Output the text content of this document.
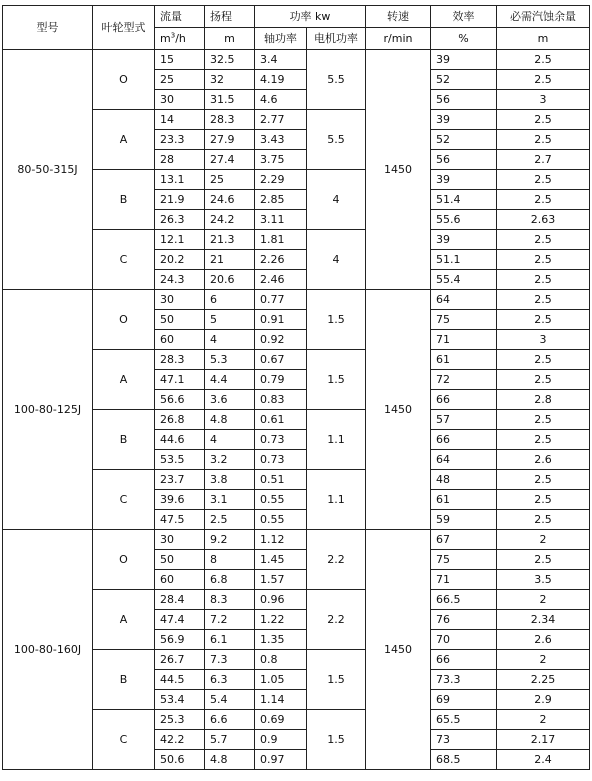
型号	叶轮型式	流量	扬程	功率 kw		转速	效率	必需汽蚀余量
		$m^3/h$	m	轴功率	电机功率	r/min	%	m
80-50-315J	O	15	32.5	3.4	5.5	1450	39	2.5
		25	32	4.19			52	2.5
		30	31.5	4.6			56	3
	A	14	28.3	2.77	5.5		39	2.5
		23.3	27.9	3.43			52	2.5
		28	27.4	3.75			56	2.7
	B	13.1	25	2.29	4		39	2.5
		21.9	24.6	2.85			51.4	2.5
		26.3	24.2	3.11			55.6	2.63
	C	12.1	21.3	1.81	4		39	2.5
		20.2	21	2.26			51.1	2.5
		24.3	20.6	2.46			55.4	2.5
100-80-125J	O	30	6	0.77	1.5	1450	64	2.5
		50	5	0.91			75	2.5
		60	4	0.92			71	3
	A	28.3	5.3	0.67	1.5		61	2.5
		47.1	4.4	0.79			72	2.5
		56.6	3.6	0.83			66	2.8
	B	26.8	4.8	0.61	1.1		57	2.5
		44.6	4	0.73			66	2.5
		53.5	3.2	0.73			64	2.6
	C	23.7	3.8	0.51	1.1		48	2.5
		39.6	3.1	0.55			61	2.5
		47.5	2.5	0.55			59	2.5
100-80-160J	O	30	9.2	1.12	2.2	1450	67	2
		50	8	1.45			75	2.5
		60	6.8	1.57			71	3.5
	A	28.4	8.3	0.96	2.2		66.5	2
		47.4	7.2	1.22			76	2.34
		56.9	6.1	1.35			70	2.6
	B	26.7	7.3	0.8	1.5		66	2
		44.5	6.3	1.05			73.3	2.25
		53.4	5.4	1.14			69	2.9
	C	25.3	6.6	0.69	1.5		65.5	2
		42.2	5.7	0.9			73	2.17
		50.6	4.8	0.97			68.5	2.4
